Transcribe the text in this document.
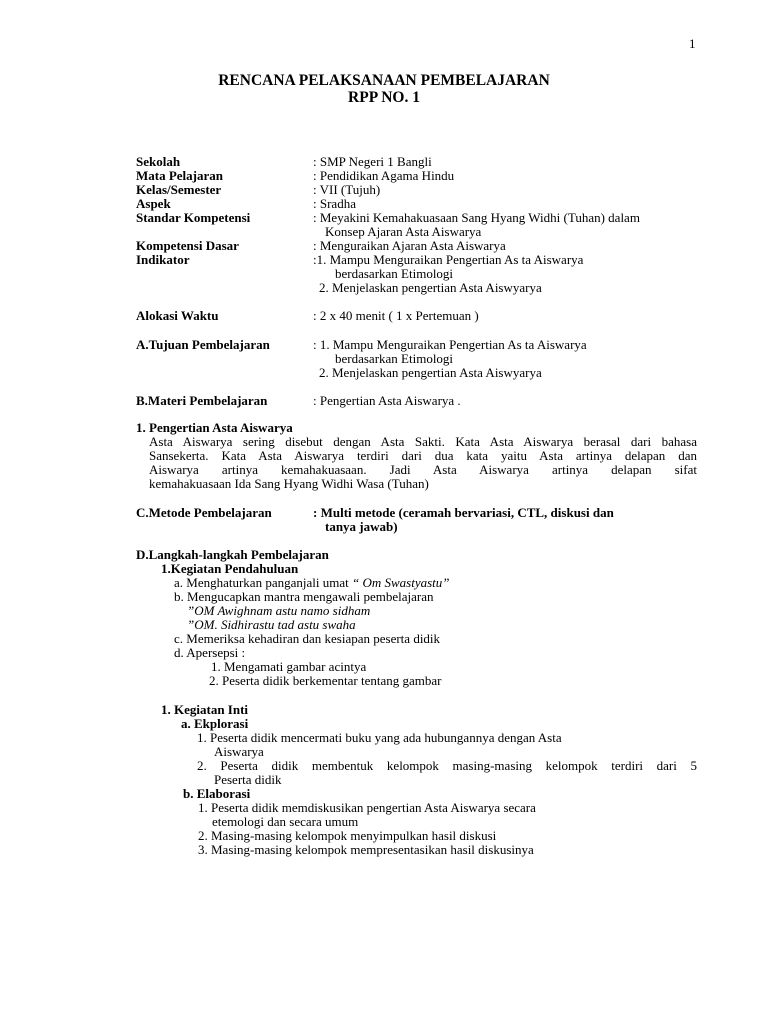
1
RENCANA PELAKSANAAN PEMBELAJARAN
RPP NO. 1
Sekolah	: SMP Negeri 1 Bangli
Mata Pelajaran	: Pendidikan Agama Hindu
Kelas/Semester	: VII (Tujuh)
Aspek	: Sradha
Standar Kompetensi	: Meyakini Kemahakuasaan Sang Hyang Widhi (Tuhan) dalam
Konsep Ajaran Asta Aiswarya
Kompetensi Dasar	: Menguraikan Ajaran Asta Aiswarya
Indikator	:1. Mampu Menguraikan Pengertian As ta Aiswarya
berdasarkan Etimologi
2. Menjelaskan pengertian Asta Aiswyarya
Alokasi Waktu	: 2 x 40 menit ( 1 x Pertemuan )
A.Tujuan Pembelajaran	: 1. Mampu Menguraikan Pengertian As ta Aiswarya
berdasarkan Etimologi
2. Menjelaskan pengertian Asta Aiswyarya
B.Materi Pembelajaran	: Pengertian Asta Aiswarya .
1. Pengertian Asta Aiswarya
Asta Aiswarya sering disebut dengan Asta Sakti. Kata Asta Aiswarya berasal dari bahasa
Sansekerta. Kata Asta Aiswarya terdiri dari dua kata yaitu Asta artinya delapan dan
Aiswarya artinya kemahakuasaan. Jadi Asta Aiswarya artinya delapan sifat
kemahakuasaan Ida Sang Hyang Widhi Wasa (Tuhan)
C.Metode Pembelajaran	: Multi metode (ceramah bervariasi, CTL, diskusi dan
tanya jawab)
D.Langkah-langkah Pembelajaran
1.Kegiatan Pendahuluan
a. Menghaturkan panganjali umat “ Om Swastyastu”
b. Mengucapkan mantra mengawali pembelajaran
”OM Awighnam astu namo sidham
”OM. Sidhirastu tad astu swaha
c. Memeriksa kehadiran dan kesiapan peserta didik
d. Apersepsi :
1. Mengamati gambar acintya
2. Peserta didik berkementar tentang gambar
1. Kegiatan Inti
a. Ekplorasi
1. Peserta didik mencermati buku yang ada hubungannya dengan Asta
Aiswarya
2. Peserta didik membentuk kelompok masing-masing kelompok terdiri dari 5
Peserta didik
b. Elaborasi
1. Peserta didik memdiskusikan pengertian Asta Aiswarya secara
etemologi dan secara umum
2. Masing-masing kelompok menyimpulkan hasil diskusi
3. Masing-masing kelompok mempresentasikan hasil diskusinya
